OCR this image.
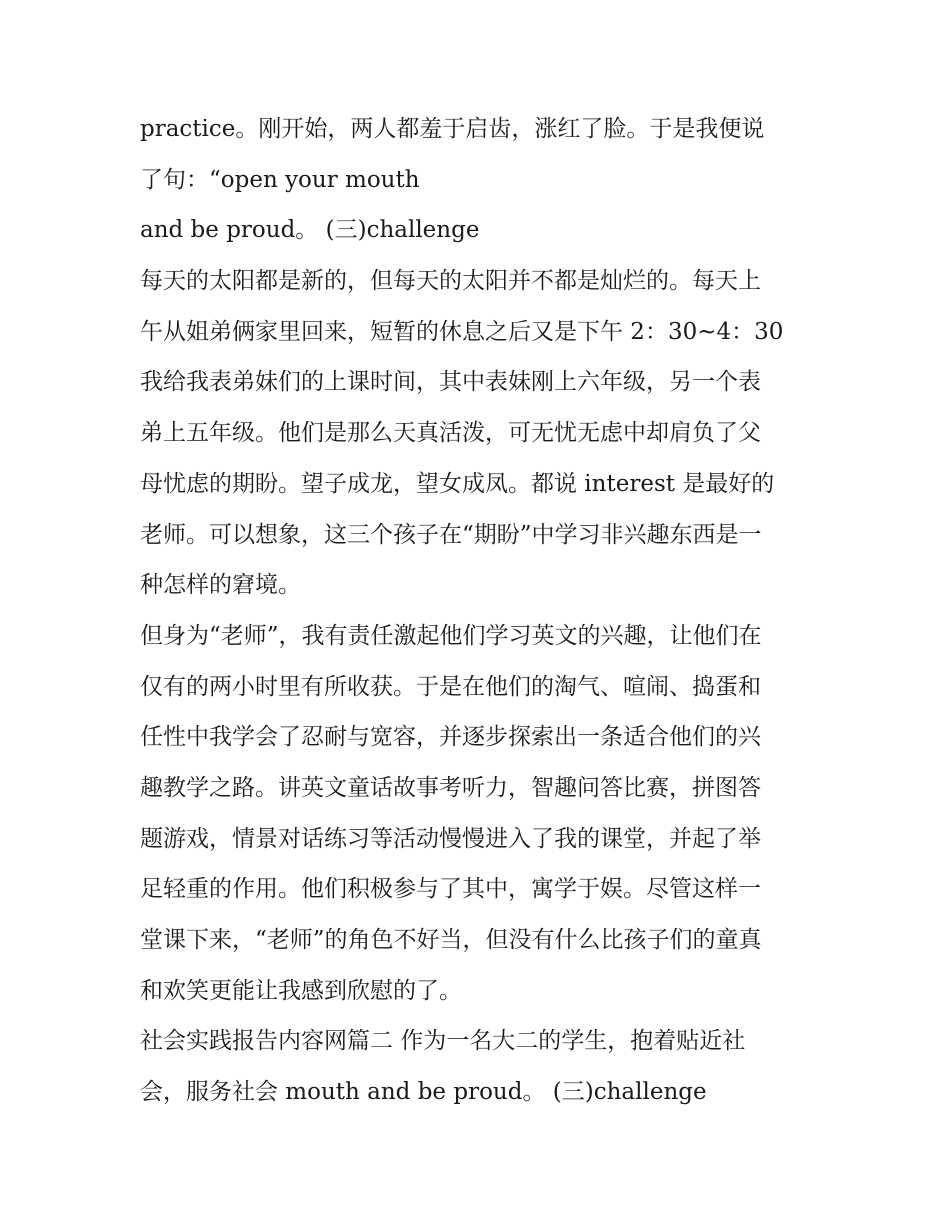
practice。刚开始，两人都羞于启齿，涨红了脸。于是我便说
了句：“open your mouth
and be proud。 (三)challenge
每天的太阳都是新的，但每天的太阳并不都是灿烂的。每天上
午从姐弟俩家里回来，短暂的休息之后又是下午 2：30~4：30
我给我表弟妹们的上课时间，其中表妹刚上六年级，另一个表
弟上五年级。他们是那么天真活泼，可无忧无虑中却肩负了父
母忧虑的期盼。望子成龙，望女成凤。都说 interest 是最好的
老师。可以想象，这三个孩子在“期盼”中学习非兴趣东西是一
种怎样的窘境。
但身为“老师”，我有责任激起他们学习英文的兴趣，让他们在
仅有的两小时里有所收获。于是在他们的淘气、喧闹、捣蛋和
任性中我学会了忍耐与宽容，并逐步探索出一条适合他们的兴
趣教学之路。讲英文童话故事考听力，智趣问答比赛，拼图答
题游戏，情景对话练习等活动慢慢进入了我的课堂，并起了举
足轻重的作用。他们积极参与了其中，寓学于娱。尽管这样一
堂课下来，“老师”的角色不好当，但没有什么比孩子们的童真
和欢笑更能让我感到欣慰的了。
社会实践报告内容网篇二 作为一名大二的学生，抱着贴近社
会，服务社会 mouth and be proud。 (三)challenge
